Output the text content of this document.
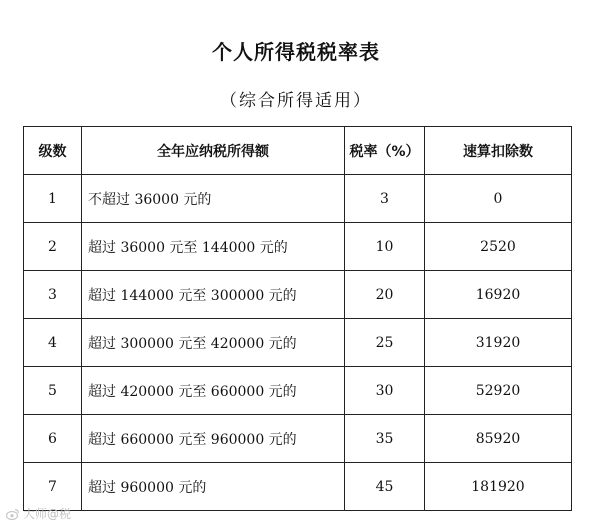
个人所得税税率表
（综合所得适用）
级数	全年应纳税所得额	税率（%）	速算扣除数
1	不超过 36000 元的	3	0
2	超过 36000 元至 144000 元的	10	2520
3	超过 144000 元至 300000 元的	20	16920
4	超过 300000 元至 420000 元的	25	31920
5	超过 420000 元至 660000 元的	30	52920
6	超过 660000 元至 960000 元的	35	85920
7	超过 960000 元的	45	181920
大师@税
